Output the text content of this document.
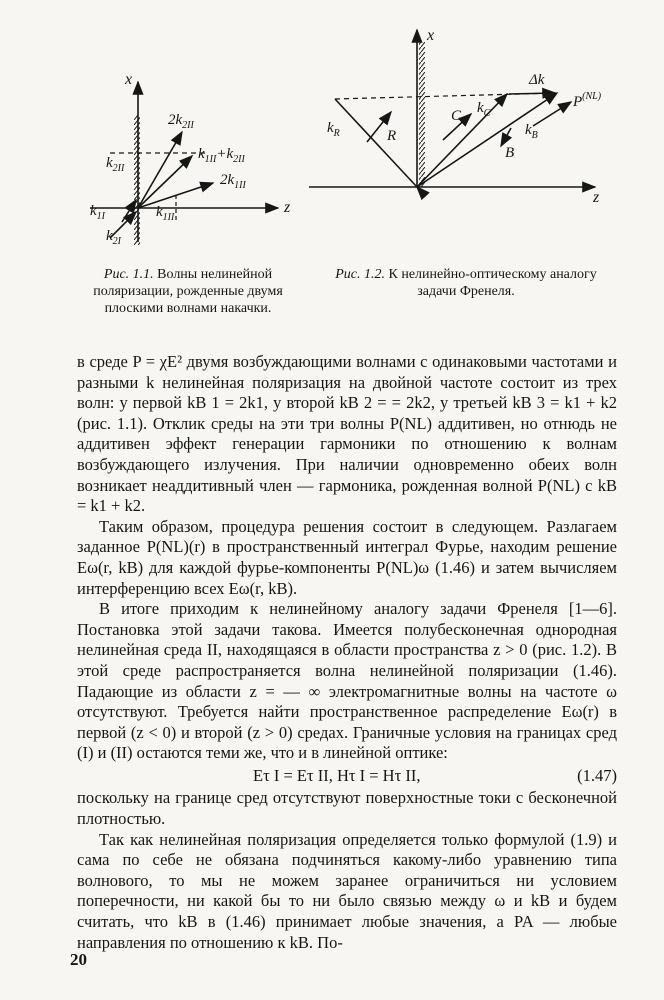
x
z
$2k_{2II}$
$k_{2II}$
$k_{1II}+k_{2II}$
$2k_{1II}$
$k_{1I}$	$k_{1II}$
$k_{2I}$
Рис. 1.1. Волны нелинейной поляризации, рожденные двумя плоскими волнами накачки.
x
z
Δk
$P^{(NL)}$
$k_R$	R
C $k_C$
$k_B$
B
Рис. 1.2. К нелинейно-оптическому аналогу задачи Френеля.

в среде P = χE² двумя возбуждающими волнами с одинаковыми частотами и разными k нелинейная поляризация на двойной частоте состоит из трех волн: у первой kB 1 = 2k1, у второй kB 2 = = 2k2, у третьей kB 3 = k1 + k2 (рис. 1.1). Отклик среды на эти три волны P(NL) аддитивен, но отнюдь не аддитивен эффект генерации гармоники по отношению к волнам возбуждающего излучения. При наличии одновременно обеих волн возникает неаддитивный член — гармоника, рожденная волной P(NL) с kB = k1 + k2.

Таким образом, процедура решения состоит в следующем. Разлагаем заданное P(NL)(r) в пространственный интеграл Фурье, находим решение Eω(r, kB) для каждой фурье-компоненты P(NL)ω (1.46) и затем вычисляем интерференцию всех Eω(r, kB).

В итоге приходим к нелинейному аналогу задачи Френеля [1—6]. Постановка этой задачи такова. Имеется полубесконечная однородная нелинейная среда II, находящаяся в области пространства z > 0 (рис. 1.2). В этой среде распространяется волна нелинейной поляризации (1.46). Падающие из области z = — ∞ электромагнитные волны на частоте ω отсутствуют. Требуется найти пространственное распределение Eω(r) в первой (z < 0) и второй (z > 0) средах. Граничные условия на границах сред (I) и (II) остаются теми же, что и в линейной оптике:

Eτ I = Eτ II, Hτ I = Hτ II,	(1.47)

поскольку на границе сред отсутствуют поверхностные токи с бесконечной плотностью.

Так как нелинейная поляризация определяется только формулой (1.9) и сама по себе не обязана подчиняться какому-либо уравнению типа волнового, то мы не можем заранее ограничиться ни условием поперечности, ни какой бы то ни было связью между ω и kB и будем считать, что kB в (1.46) принимает любые значения, а PA — любые направления по отношению к kB. По-

20
